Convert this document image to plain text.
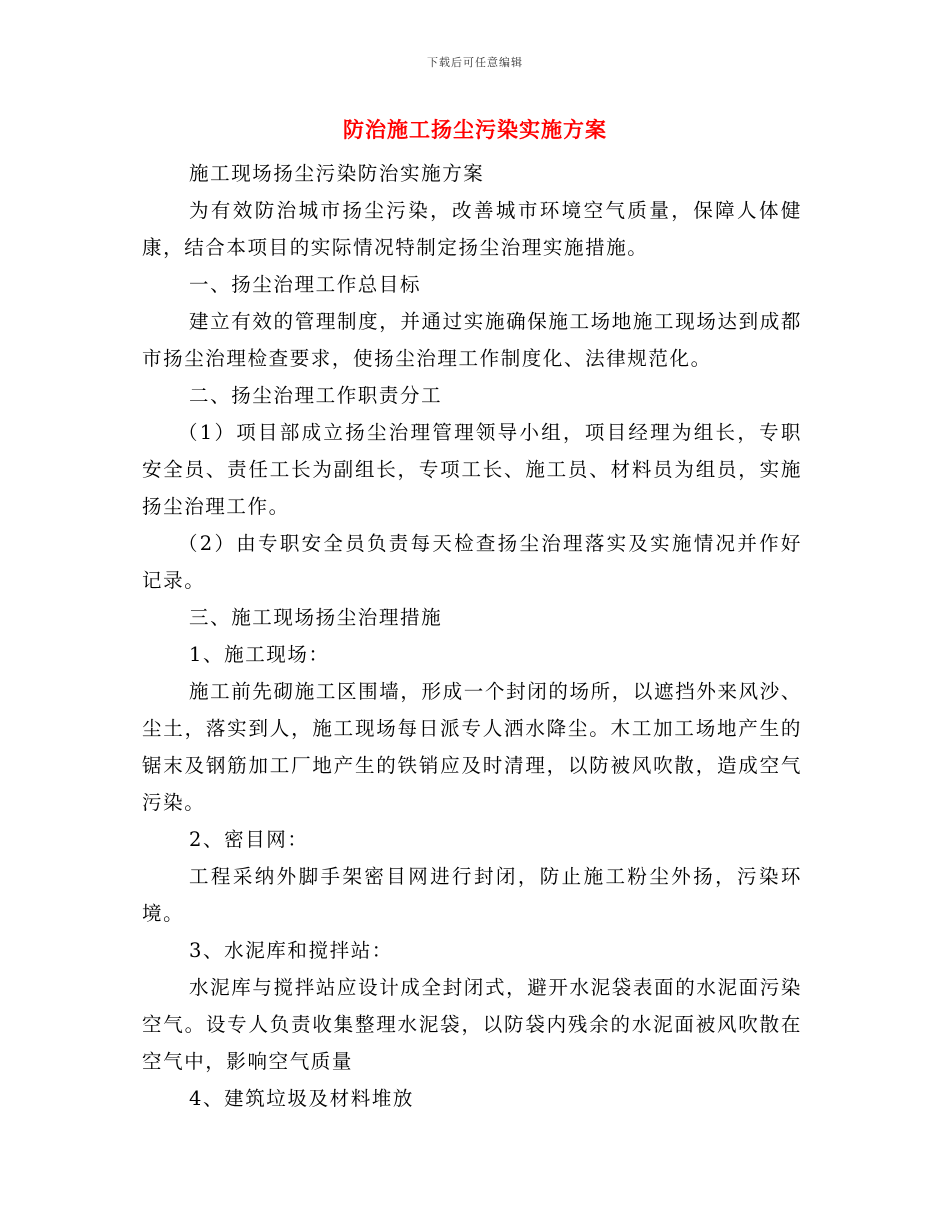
下载后可任意编辑
防治施工扬尘污染实施方案

施工现场扬尘污染防治实施方案

为有效防治城市扬尘污染，改善城市环境空气质量，保障人体健康，结合本项目的实际情况特制定扬尘治理实施措施。

一、扬尘治理工作总目标

建立有效的管理制度，并通过实施确保施工场地施工现场达到成都市扬尘治理检查要求，使扬尘治理工作制度化、法律规范化。

二、扬尘治理工作职责分工

（1）项目部成立扬尘治理管理领导小组，项目经理为组长，专职安全员、责任工长为副组长，专项工长、施工员、材料员为组员，实施扬尘治理工作。

（2）由专职安全员负责每天检查扬尘治理落实及实施情况并作好记录。

三、施工现场扬尘治理措施

1、施工现场：

施工前先砌施工区围墙，形成一个封闭的场所，以遮挡外来风沙、尘土，落实到人，施工现场每日派专人洒水降尘。木工加工场地产生的锯末及钢筋加工厂地产生的铁销应及时清理，以防被风吹散，造成空气污染。

2、密目网：

工程采纳外脚手架密目网进行封闭，防止施工粉尘外扬，污染环境。

3、水泥库和搅拌站：

水泥库与搅拌站应设计成全封闭式，避开水泥袋表面的水泥面污染空气。设专人负责收集整理水泥袋，以防袋内残余的水泥面被风吹散在空气中，影响空气质量

4、建筑垃圾及材料堆放
